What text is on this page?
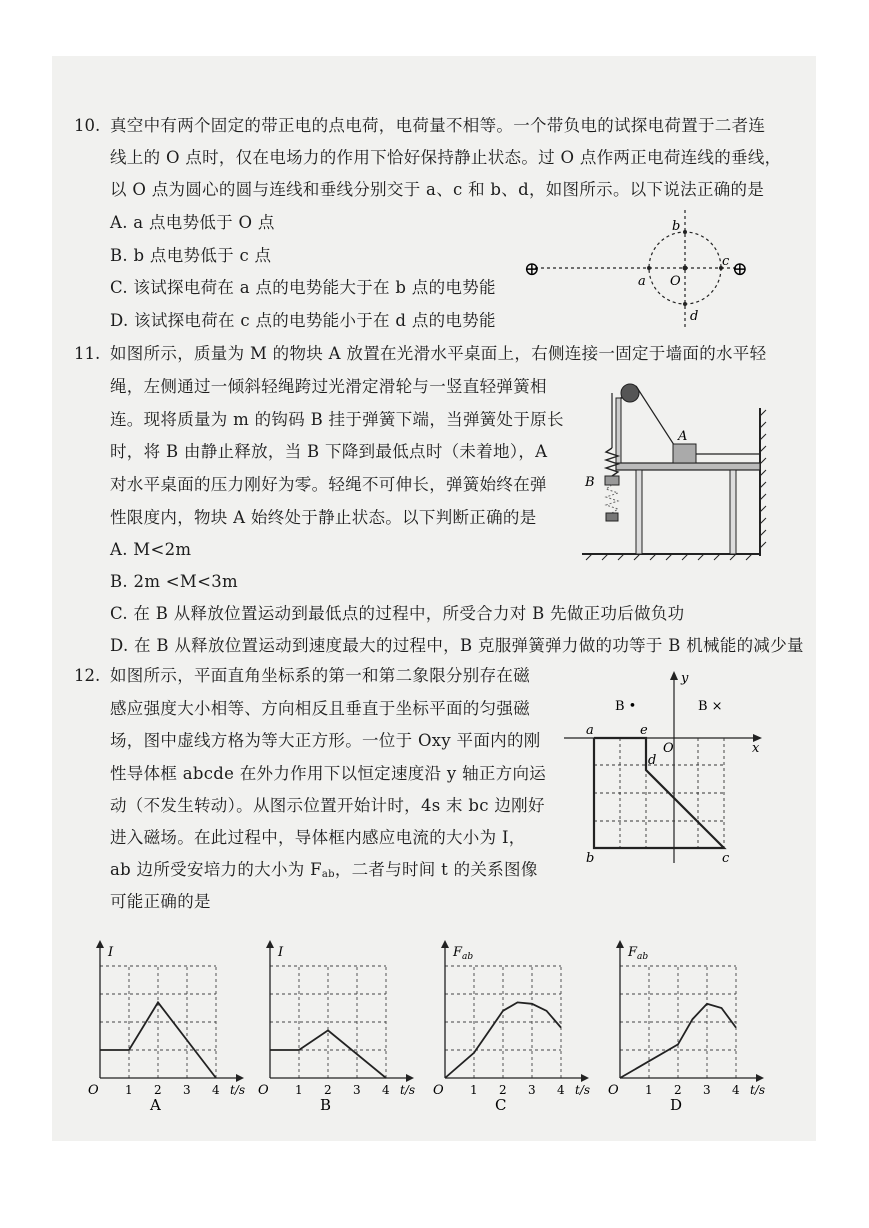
10. 真空中有两个固定的带正电的点电荷，电荷量不相等。一个带负电的试探电荷置于二者连
线上的 O 点时，仅在电场力的作用下恰好保持静止状态。过 O 点作两正电荷连线的垂线，
以 O 点为圆心的圆与连线和垂线分别交于 a、c 和 b、d，如图所示。以下说法正确的是
A. a 点电势低于 O 点
B. b 点电势低于 c 点
C. 该试探电荷在 a 点的电势能大于在 b 点的电势能
D. 该试探电荷在 c 点的电势能小于在 d 点的电势能
⊕	⊕
a O
b
c
d
11. 如图所示，质量为 M 的物块 A 放置在光滑水平桌面上，右侧连接一固定于墙面的水平轻
绳，左侧通过一倾斜轻绳跨过光滑定滑轮与一竖直轻弹簧相
连。现将质量为 m 的钩码 B 挂于弹簧下端，当弹簧处于原长
时，将 B 由静止释放，当 B 下降到最低点时（未着地），A
对水平桌面的压力刚好为零。轻绳不可伸长，弹簧始终在弹
性限度内，物块 A 始终处于静止状态。以下判断正确的是
A. M<2m
B. 2m <M<3m
C. 在 B 从释放位置运动到最低点的过程中，所受合力对 B 先做正功后做负功
D. 在 B 从释放位置运动到速度最大的过程中，B 克服弹簧弹力做的功等于 B 机械能的减少量
A
B
12. 如图所示，平面直角坐标系的第一和第二象限分别存在磁
感应强度大小相等、方向相反且垂直于坐标平面的匀强磁
场，图中虚线方格为等大正方形。一位于 Oxy 平面内的刚
性导体框 abcde 在外力作用下以恒定速度沿 y 轴正方向运
动（不发生转动）。从图示位置开始计时，4s 末 bc 边刚好
进入磁场。在此过程中，导体框内感应电流的大小为 I，
ab 边所受安培力的大小为 $F_{ab}$，二者与时间 t 的关系图像
可能正确的是
y
x
O
B •	B ×
a
b	c
d
e
O 1 2 3 4 t/s
I
A
O 1 2 3 4 t/s
I
B
O 1 2 3 4 t/s
$F_{ab}$
C
O 1 2 3 4 t/s
$F_{ab}$
D
